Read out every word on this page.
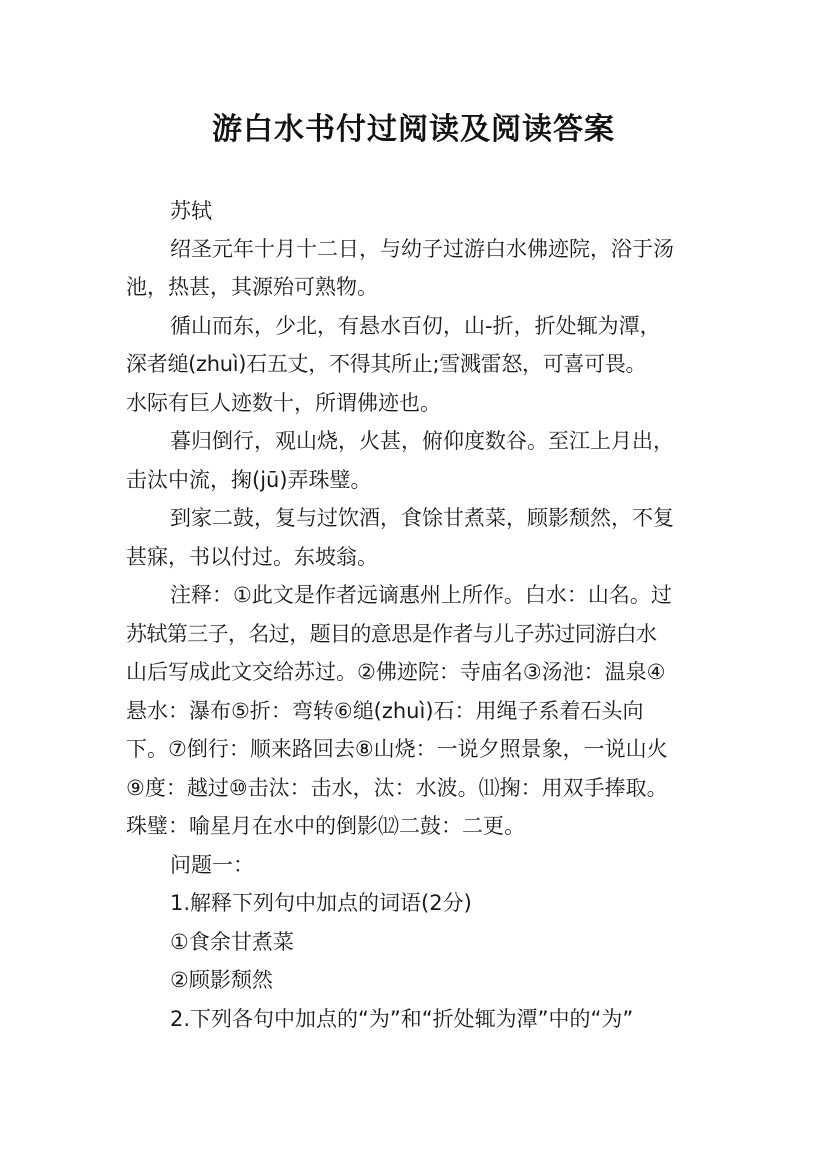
游白水书付过阅读及阅读答案
苏轼
绍圣元年十月十二日，与幼子过游白水佛迹院，浴于汤
池，热甚，其源殆可熟物。
循山而东，少北，有悬水百仞，山-折，折处辄为潭，
深者缒(zhuì)石五丈，不得其所止;雪溅雷怒，可喜可畏。
水际有巨人迹数十，所谓佛迹也。
暮归倒行，观山烧，火甚，俯仰度数谷。至江上月出，
击汰中流，掬(jū)弄珠璧。
到家二鼓，复与过饮酒，食馀甘煮菜，顾影颓然，不复
甚寐，书以付过。东坡翁。
注释：①此文是作者远谪惠州上所作。白水：山名。过
苏轼第三子，名过，题目的意思是作者与儿子苏过同游白水
山后写成此文交给苏过。②佛迹院：寺庙名③汤池：温泉④
悬水：瀑布⑤折：弯转⑥缒(zhuì)石：用绳子系着石头向
下。⑦倒行：顺来路回去⑧山烧：一说夕照景象，一说山火
⑨度：越过⑩击汰：击水，汰：水波。⑾掬：用双手捧取。
珠璧：喻星月在水中的倒影⑿二鼓：二更。
问题一：
1.解释下列句中加点的词语(2分)
①食余甘煮菜
②顾影颓然
2.下列各句中加点的“为”和“折处辄为潭”中的“为”
